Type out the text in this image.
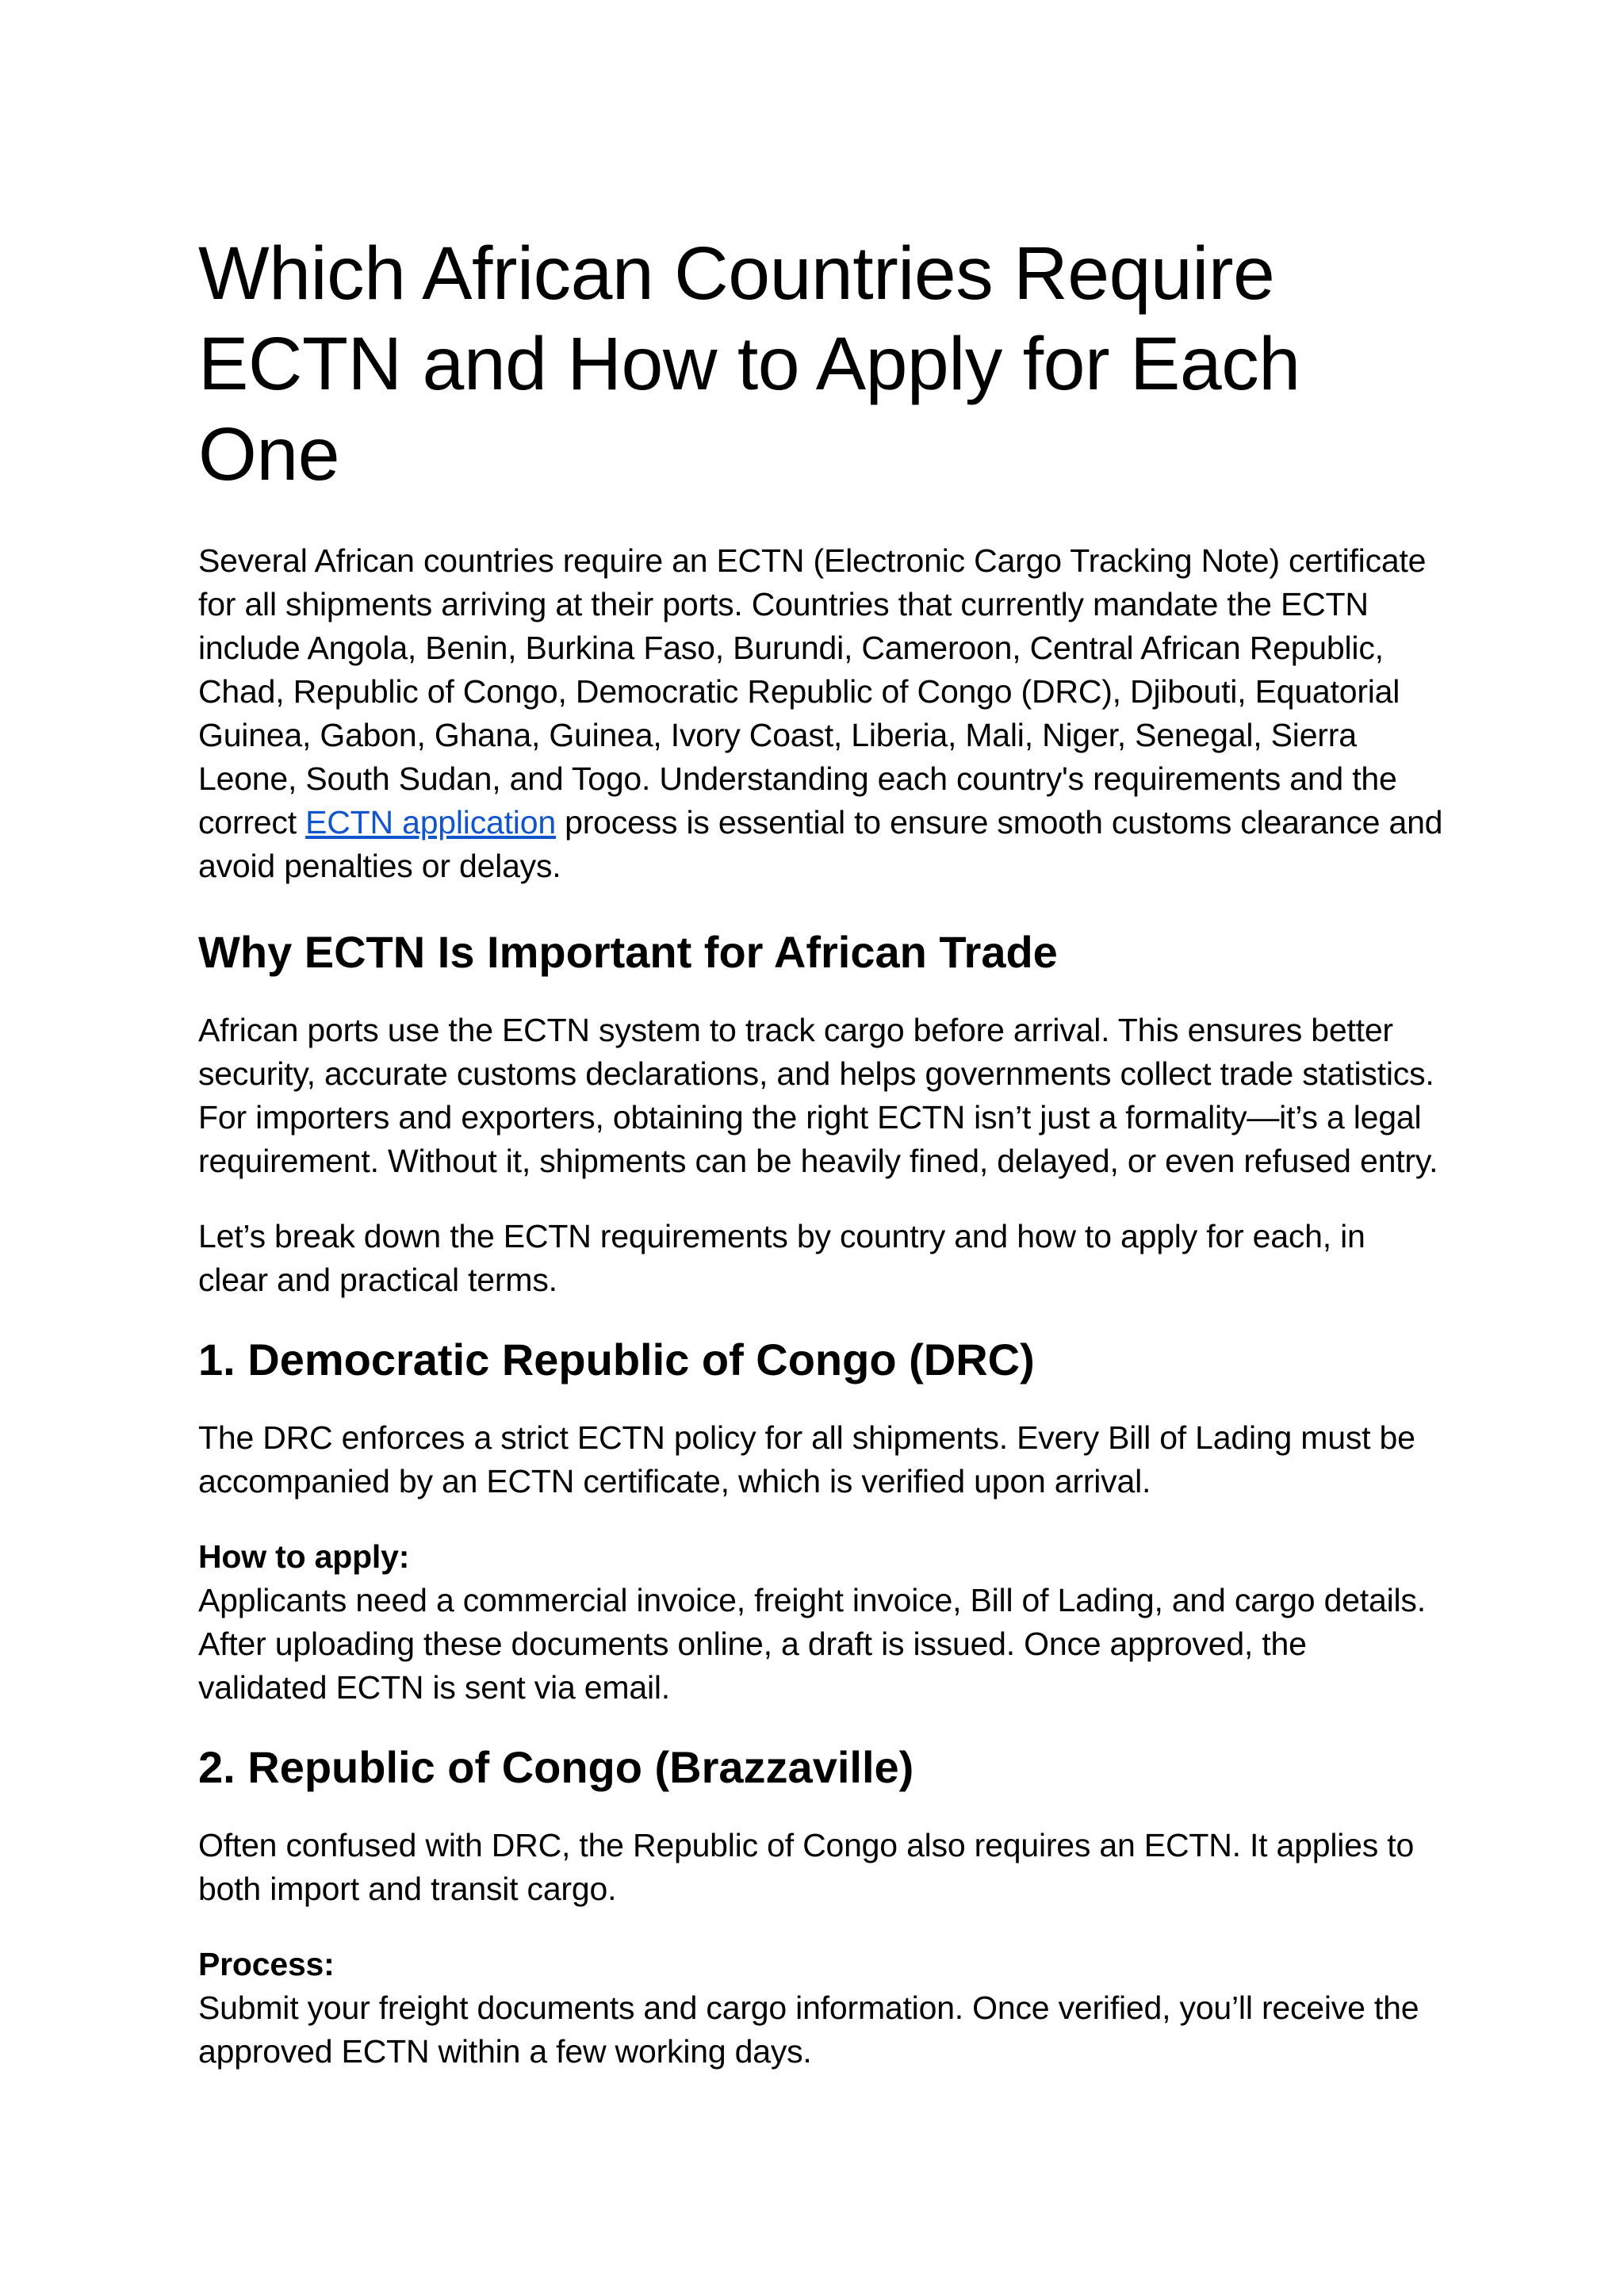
Which African Countries Require ECTN and How to Apply for Each One

Several African countries require an ECTN (Electronic Cargo Tracking Note) certificate for all shipments arriving at their ports. Countries that currently mandate the ECTN include Angola, Benin, Burkina Faso, Burundi, Cameroon, Central African Republic, Chad, Republic of Congo, Democratic Republic of Congo (DRC), Djibouti, Equatorial Guinea, Gabon, Ghana, Guinea, Ivory Coast, Liberia, Mali, Niger, Senegal, Sierra Leone, South Sudan, and Togo. Understanding each country's requirements and the correct ECTN application process is essential to ensure smooth customs clearance and avoid penalties or delays.

Why ECTN Is Important for African Trade

African ports use the ECTN system to track cargo before arrival. This ensures better security, accurate customs declarations, and helps governments collect trade statistics. For importers and exporters, obtaining the right ECTN isn’t just a formality—it’s a legal requirement. Without it, shipments can be heavily fined, delayed, or even refused entry.

Let’s break down the ECTN requirements by country and how to apply for each, in clear and practical terms.

1. Democratic Republic of Congo (DRC)

The DRC enforces a strict ECTN policy for all shipments. Every Bill of Lading must be accompanied by an ECTN certificate, which is verified upon arrival.

How to apply:
Applicants need a commercial invoice, freight invoice, Bill of Lading, and cargo details. After uploading these documents online, a draft is issued. Once approved, the validated ECTN is sent via email.

2. Republic of Congo (Brazzaville)

Often confused with DRC, the Republic of Congo also requires an ECTN. It applies to both import and transit cargo.

Process:
Submit your freight documents and cargo information. Once verified, you’ll receive the approved ECTN within a few working days.
